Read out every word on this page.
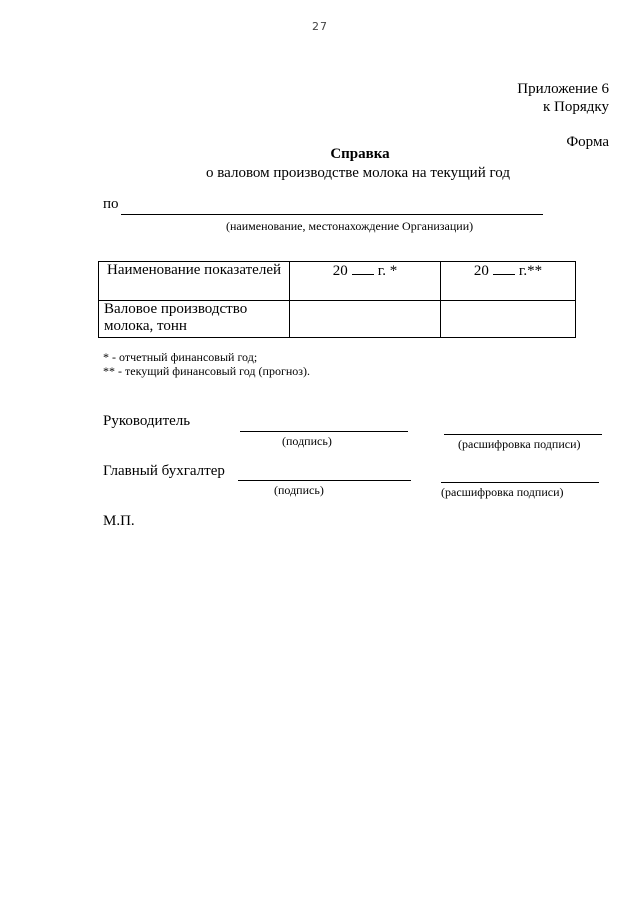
27
Приложение 6
к Порядку
Форма
Справка
о валовом производстве молока на текущий год
по
(наименование, местонахождение Организации)
Наименование показателей	20 г. *	20 г.**
Валовое производство молока, тонн		
* - отчетный финансовый год;
** - текущий финансовый год (прогноз).
Руководитель
(подпись)	(расшифровка подписи)
Главный бухгалтер
(подпись)	(расшифровка подписи)
М.П.
